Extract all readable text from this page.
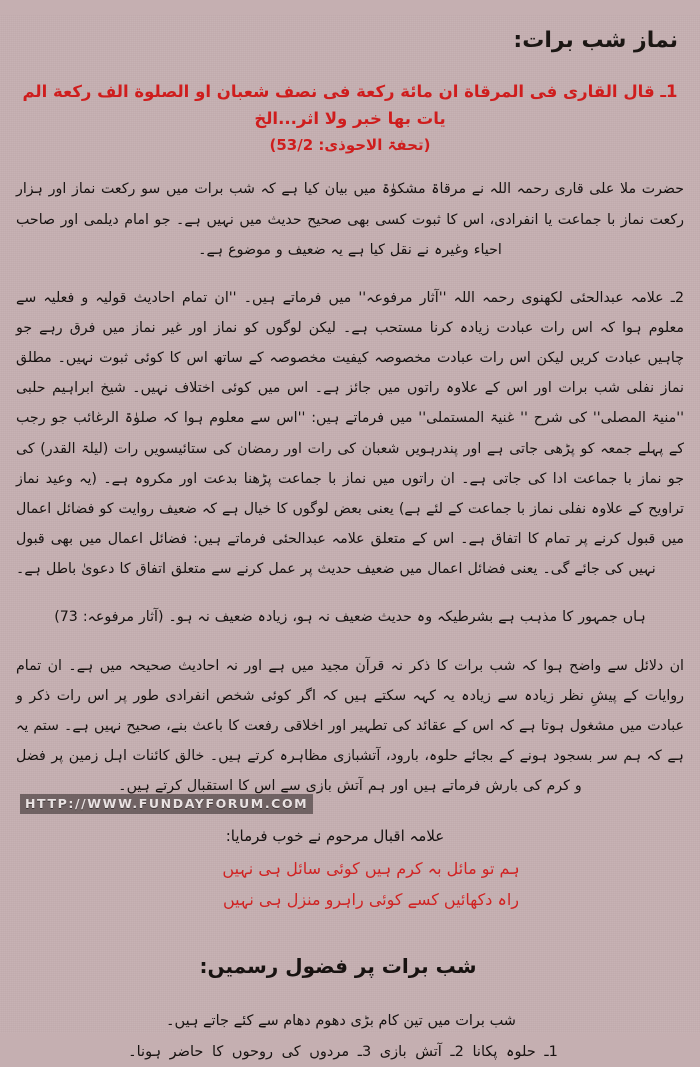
نماز شب برات:
1ـ قال القارى فى المرقاة ان مائة ركعة فى نصف شعبان او الصلوة الف ركعة الم يات بها خبر ولا اثر...الخ
(تحفۃ الاحوذی: 53/2)

حضرت ملا علی قاری رحمہ اللہ نے مرقاۃ مشکوٰۃ میں بیان کیا ہے کہ شب برات میں سو رکعت نماز اور ہزار رکعت نماز با جماعت یا انفرادی، اس کا ثبوت کسی بھی صحیح حدیث میں نہیں ہے۔ جو امام دیلمی اور صاحب احیاء وغیرہ نے نقل کیا ہے یہ ضعیف و موضوع ہے۔

2ـ علامہ عبدالحئی لکھنوی رحمہ اللہ ''آثار مرفوعہ'' میں فرماتے ہیں۔ ''ان تمام احادیث قولیہ و فعلیہ سے معلوم ہوا کہ اس رات عبادت زیادہ کرنا مستحب ہے۔ لیکن لوگوں کو نماز اور غیر نماز میں فرق رہے جو چاہیں عبادت کریں لیکن اس رات عبادت مخصوصہ کیفیت مخصوصہ کے ساتھ اس کا کوئی ثبوت نہیں۔ مطلق نماز نفلی شب برات اور اس کے علاوہ راتوں میں جائز ہے۔ اس میں کوئی اختلاف نہیں۔ شیخ ابراہیم حلبی ''منیۃ المصلی'' کی شرح '' غنیۃ المستملی'' میں فرماتے ہیں: ''اس سے معلوم ہوا کہ صلوٰۃ الرغائب جو رجب کے پہلے جمعہ کو پڑھی جاتی ہے اور پندرہویں شعبان کی رات اور رمضان کی ستائیسویں رات (لیلۃ القدر) کی جو نماز با جماعت ادا کی جاتی ہے۔ ان راتوں میں نماز با جماعت پڑھنا بدعت اور مکروہ ہے۔ (یہ وعید نماز تراویح کے علاوہ نفلی نماز با جماعت کے لئے ہے) یعنی بعض لوگوں کا خیال ہے کہ ضعیف روایت کو فضائل اعمال میں قبول کرنے پر تمام کا اتفاق ہے۔ اس کے متعلق علامہ عبدالحئی فرماتے ہیں: فضائل اعمال میں بھی قبول نہیں کی جائے گی۔ یعنی فضائل اعمال میں ضعیف حدیث پر عمل کرنے سے متعلق اتفاق کا دعویٰ باطل ہے۔

ہاں جمہور کا مذہب ہے بشرطیکہ وہ حدیث ضعیف نہ ہو، زیادہ ضعیف نہ ہو۔ (آثار مرفوعہ: 73)

ان دلائل سے واضح ہوا کہ شب برات کا ذکر نہ قرآن مجید میں ہے اور نہ احادیث صحیحہ میں ہے۔ ان تمام روایات کے پیشِ نظر زیادہ سے زیادہ یہ کہہ سکتے ہیں کہ اگر کوئی شخص انفرادی طور پر اس رات ذکر و عبادت میں مشغول ہوتا ہے کہ اس کے عقائد کی تطہیر اور اخلاقی رفعت کا باعث بنے، صحیح نہیں ہے۔ ستم یہ ہے کہ ہم سر بسجود ہونے کے بجائے حلوہ، بارود، آتشبازی مظاہرہ کرتے ہیں۔ خالق کائنات اہل زمین پر فضل و کرم کی بارش فرماتے ہیں اور ہم آتش بازی سے اس کا استقبال کرتے ہیں۔

علامہ اقبال مرحوم نے خوب فرمایا:
HTTP://WWW.FUNDAYFORUM.COM
ہم تو مائل بہ کرم ہیں کوئی سائل ہی نہیں
راہ دکھائیں کسے کوئی راہرو منزل ہی نہیں
شب برات پر فضول رسمیں:
شب برات میں تین کام بڑی دھوم دھام سے کئے جاتے ہیں۔
1ـ حلوہ پکانا 2ـ آتش بازی 3ـ مردوں کی روحوں کا حاضر ہونا۔
